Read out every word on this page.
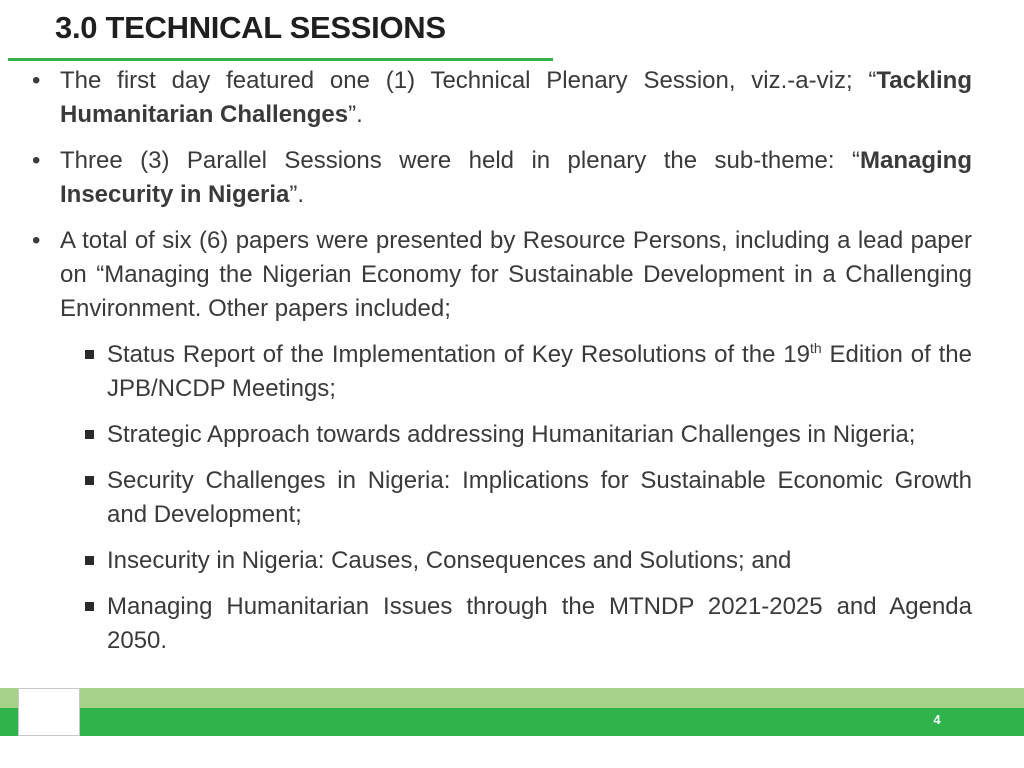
3.0 TECHNICAL SESSIONS
• The first day featured one (1) Technical Plenary Session, viz.-a-viz; “Tackling Humanitarian Challenges”.
• Three (3) Parallel Sessions were held in plenary the sub-theme: “Managing Insecurity in Nigeria”.
• A total of six (6) papers were presented by Resource Persons, including a lead paper on “Managing the Nigerian Economy for Sustainable Development in a Challenging Environment. Other papers included;
Status Report of the Implementation of Key Resolutions of the 19th Edition of the JPB/NCDP Meetings;
Strategic Approach towards addressing Humanitarian Challenges in Nigeria;
Security Challenges in Nigeria: Implications for Sustainable Economic Growth and Development;
Insecurity in Nigeria: Causes, Consequences and Solutions; and
Managing Humanitarian Issues through the MTNDP 2021-2025 and Agenda 2050.
4
